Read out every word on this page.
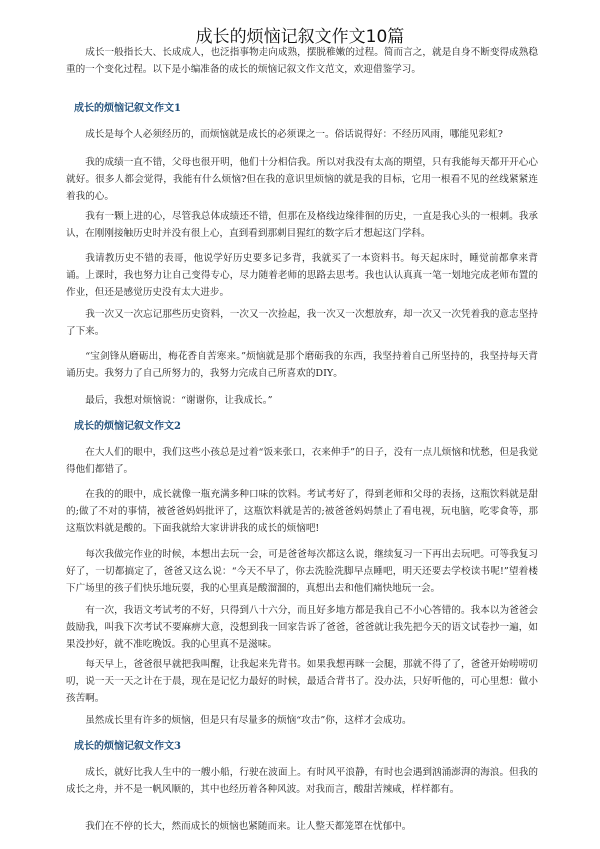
成长的烦恼记叙文作文10篇

成长一般指长大、长成成人，也泛指事物走向成熟，摆脱稚嫩的过程。简而言之，就是自身不断变得成熟稳重的一个变化过程。以下是小编准备的成长的烦恼记叙文作文范文，欢迎借鉴学习。

成长的烦恼记叙文作文1

成长是每个人必须经历的，而烦恼就是成长的必须课之一。俗话说得好：不经历风雨，哪能见彩虹?

我的成绩一直不错，父母也很开明，他们十分相信我。所以对我没有太高的期望，只有我能每天都开开心心就好。很多人都会觉得，我能有什么烦恼?但在我的意识里烦恼的就是我的目标，它用一根看不见的丝线紧紧连着我的心。

我有一颗上进的心，尽管我总体成绩还不错，但那在及格线边缘徘徊的历史，一直是我心头的一根刺。我承认，在刚刚接触历史时并没有很上心，直到看到那刺目猩红的数字后才想起这门学科。

我请教历史不错的表哥，他说学好历史要多记多背，我就买了一本资料书。每天起床时，睡觉前都拿来背诵。上课时，我也努力让自己变得专心，尽力随着老师的思路去思考。我也认认真真一笔一划地完成老师布置的作业，但还是感觉历史没有太大进步。

我一次又一次忘记那些历史资料，一次又一次捡起，我一次又一次想放弃，却一次又一次凭着我的意志坚持了下来。

“宝剑锋从磨砺出，梅花香自苦寒来。”烦恼就是那个磨砺我的东西，我坚持着自己所坚持的，我坚持每天背诵历史。我努力了自己所努力的，我努力完成自己所喜欢的DIY。

最后，我想对烦恼说：“谢谢你，让我成长。”

成长的烦恼记叙文作文2

在大人们的眼中，我们这些小孩总是过着“饭来张口，衣来伸手”的日子，没有一点儿烦恼和忧愁，但是我觉得他们都错了。

在我的的眼中，成长就像一瓶充满多种口味的饮料。考试考好了，得到老师和父母的表扬，这瓶饮料就是甜的;做了不对的事情，被爸爸妈妈批评了，这瓶饮料就是苦的;被爸爸妈妈禁止了看电视，玩电脑，吃零食等，那这瓶饮料就是酸的。下面我就给大家讲讲我的成长的烦恼吧!

每次我做完作业的时候，本想出去玩一会，可是爸爸每次都这么说，继续复习一下再出去玩吧。可等我复习好了，一切都搞定了，爸爸又这么说：“今天不早了，你去洗脸洗脚早点睡吧，明天还要去学校读书呢!”望着楼下广场里的孩子们快乐地玩耍，我的心里真是酸溜溜的，真想出去和他们痛快地玩一会。

有一次，我语文考试考的不好，只得到八十六分，而且好多地方都是我自己不小心答错的。我本以为爸爸会鼓励我，叫我下次考试不要麻痹大意，没想到我一回家告诉了爸爸，爸爸就让我先把今天的语文试卷抄一遍，如果没抄好，就不准吃晚饭。我的心里真不是滋味。

每天早上，爸爸很早就把我叫醒，让我起来先背书。如果我想再眯一会腿，那就不得了了，爸爸开始唠唠叨叨，说一天一天之计在于晨，现在是记忆力最好的时候，最适合背书了。没办法，只好听他的，可心里想：做小孩苦啊。

虽然成长里有许多的烦恼，但是只有尽量多的烦恼“攻击”你，这样才会成功。

成长的烦恼记叙文作文3

成长，就好比我人生中的一艘小船，行驶在波面上。有时风平浪静，有时也会遇到汹涌澎湃的海浪。但我的成长之舟，并不是一帆风顺的，其中也经历着各种风波。对我而言，酸甜苦辣咸，样样都有。

我们在不停的长大，然而成长的烦恼也紧随而来。让人整天都笼罩在忧郁中。
